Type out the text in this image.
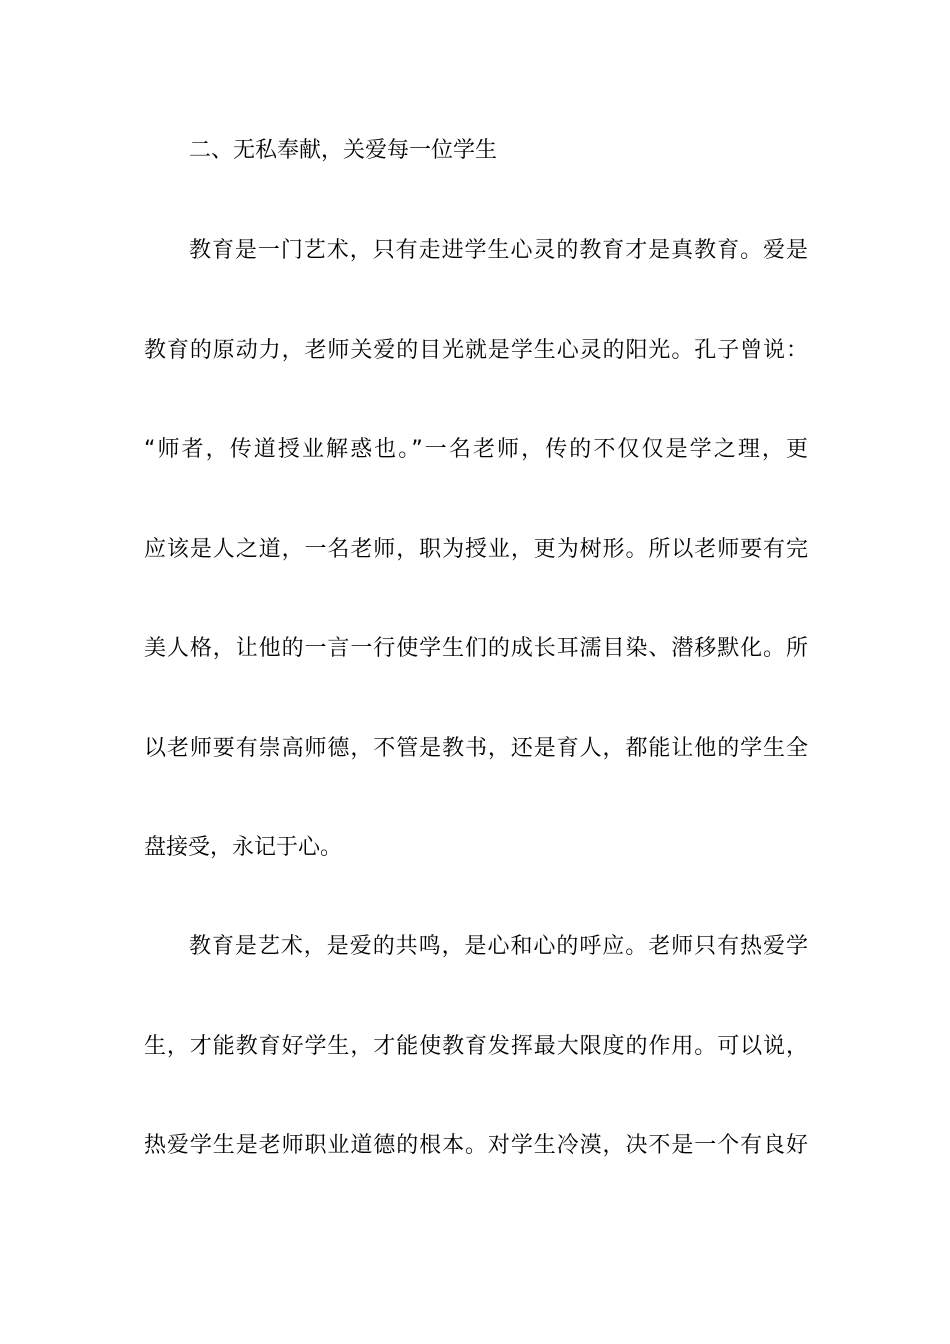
二、无私奉献，关爱每一位学生
教育是一门艺术，只有走进学生心灵的教育才是真教育。爱是
教育的原动力，老师关爱的目光就是学生心灵的阳光。孔子曾说：
“师者，传道授业解惑也。”一名老师，传的不仅仅是学之理，更
应该是人之道，一名老师，职为授业，更为树形。所以老师要有完
美人格，让他的一言一行使学生们的成长耳濡目染、潜移默化。所
以老师要有崇高师德，不管是教书，还是育人，都能让他的学生全
盘接受，永记于心。
教育是艺术，是爱的共鸣，是心和心的呼应。老师只有热爱学
生，才能教育好学生，才能使教育发挥最大限度的作用。可以说，
热爱学生是老师职业道德的根本。对学生冷漠，决不是一个有良好
